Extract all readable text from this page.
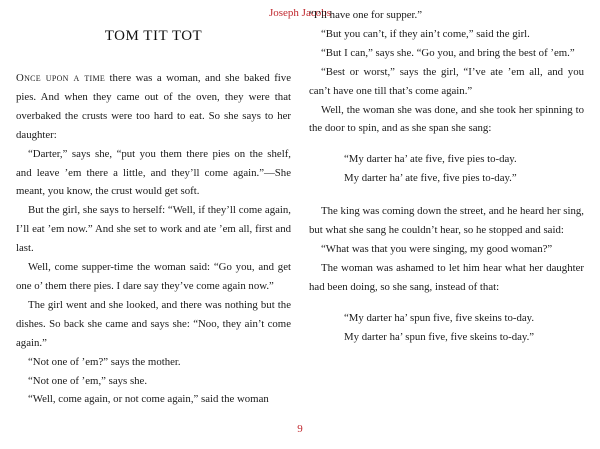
Joseph Jacobs
TOM TIT TOT

Once upon a time there was a woman, and she baked five pies. And when they came out of the oven, they were that overbaked the crusts were too hard to eat. So she says to her daughter:

“Darter,” says she, “put you them there pies on the shelf, and leave ’em there a little, and they’ll come again.”—She meant, you know, the crust would get soft.

But the girl, she says to herself: “Well, if they’ll come again, I’ll eat ’em now.” And she set to work and ate ’em all, first and last.

Well, come supper-time the woman said: “Go you, and get one o’ them there pies. I dare say they’ve come again now.”

The girl went and she looked, and there was nothing but the dishes. So back she came and says she: “Noo, they ain’t come again.”

“Not one of ’em?” says the mother.

“Not one of ’em,” says she.

“Well, come again, or not come again,” said the woman

“I’ll have one for supper.”

“But you can’t, if they ain’t come,” said the girl.

“But I can,” says she. “Go you, and bring the best of ’em.”

“Best or worst,” says the girl, “I’ve ate ’em all, and you can’t have one till that’s come again.”

Well, the woman she was done, and she took her spinning to the door to spin, and as she span she sang:

“My darter ha’ ate five, five pies to-day.
My darter ha’ ate five, five pies to-day.”

The king was coming down the street, and he heard her sing, but what she sang he couldn’t hear, so he stopped and said:

“What was that you were singing, my good woman?”

The woman was ashamed to let him hear what her daughter had been doing, so she sang, instead of that:

“My darter ha’ spun five, five skeins to-day.
My darter ha’ spun five, five skeins to-day.”
9
